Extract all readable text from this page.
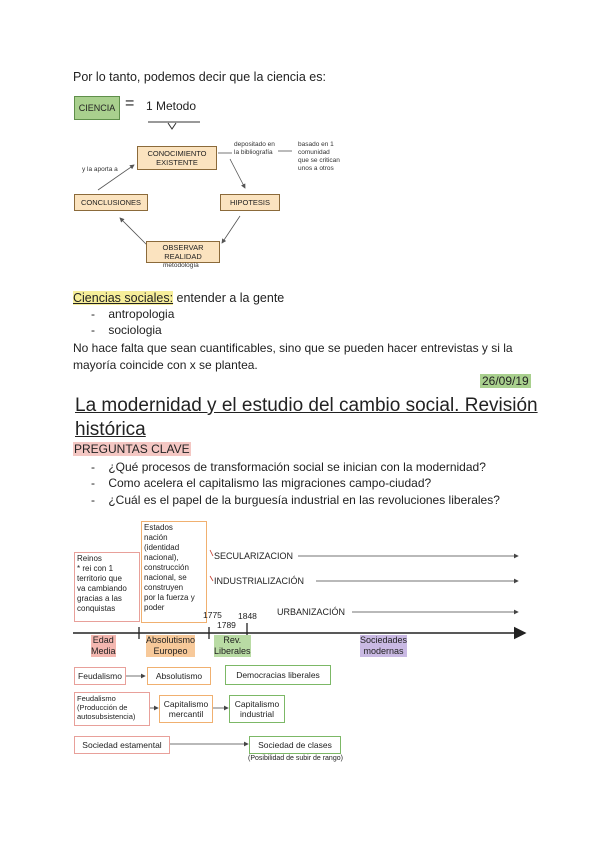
Por lo tanto, podemos decir que la ciencia es:
CIENCIA = 1 Metodo
CONOCIMIENTO
EXISTENTE
depositado en
la bibliografía
basado en 1
comunidad
que se critican
unos a otros
y la aporta a
CONCLUSIONES	HIPOTESIS
OBSERVAR
REALIDAD
metodología
Ciencias sociales: entender a la gente
-    antropologia
-    sociologia
No hace falta que sean cuantificables, sino que se pueden hacer entrevistas y si la mayoría coincide con x se plantea.
26/09/19
La modernidad y el estudio del cambio social. Revisión histórica
PREGUNTAS CLAVE
-    ¿Qué procesos de transformación social se inician con la modernidad?
-    Como acelera el capitalismo las migraciones campo-ciudad?
-    ¿Cuál es el papel de la burguesía industrial en las revoluciones liberales?
Reinos
* rei con 1
territorio que
va cambiando
gracias a las
conquistas
Estados
nación
(identidad
nacional),
construcción
nacional, se
construyen
por la fuerza y
poder
SECULARIZACION
INDUSTRIALIZACIÓN
URBANIZACIÓN
1775
1789
1848
Edad
Media
Absolutismo
Europeo
Rev.
Liberales
Sociedades
modernas
Feudalismo	Absolutismo	Democracias liberales
Feudalismo
(Producción de
autosubsistencia)
Capitalismo
mercantil
Capitalismo
industrial
Sociedad estamental	Sociedad de clases
(Posibilidad de subir de rango)
